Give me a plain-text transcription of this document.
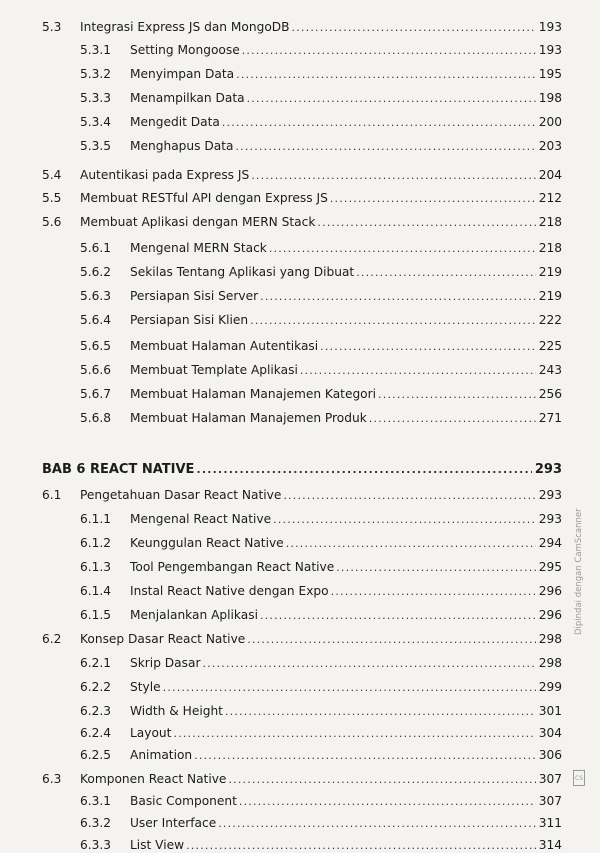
5.3	Integrasi Express JS dan MongoDB .....	193
5.3.1	Setting Mongoose .....	193
5.3.2	Menyimpan Data .....	195
5.3.3	Menampilkan Data .....	198
5.3.4	Mengedit Data .....	200
5.3.5	Menghapus Data .....	203
5.4	Autentikasi pada Express JS .....	204
5.5	Membuat RESTful API dengan Express JS .....	212
5.6	Membuat Aplikasi dengan MERN Stack .....	218
5.6.1	Mengenal MERN Stack .....	218
5.6.2	Sekilas Tentang Aplikasi yang Dibuat .....	219
5.6.3	Persiapan Sisi Server .....	219
5.6.4	Persiapan Sisi Klien .....	222
5.6.5	Membuat Halaman Autentikasi .....	225
5.6.6	Membuat Template Aplikasi .....	243
5.6.7	Membuat Halaman Manajemen Kategori .....	256
5.6.8	Membuat Halaman Manajemen Produk .....	271
BAB 6 REACT NATIVE .....	293
6.1	Pengetahuan Dasar React Native .....	293
6.1.1	Mengenal React Native .....	293
6.1.2	Keunggulan React Native .....	294
6.1.3	Tool Pengembangan React Native .....	295
6.1.4	Instal React Native dengan Expo .....	296
6.1.5	Menjalankan Aplikasi .....	296
6.2	Konsep Dasar React Native .....	298
6.2.1	Skrip Dasar .....	298
6.2.2	Style .....	299
6.2.3	Width & Height .....	301
6.2.4	Layout .....	304
6.2.5	Animation .....	306
6.3	Komponen React Native .....	307
6.3.1	Basic Component .....	307
6.3.2	User Interface .....	311
6.3.3	List View .....	314
Dipindai dengan CamScanner
CS
